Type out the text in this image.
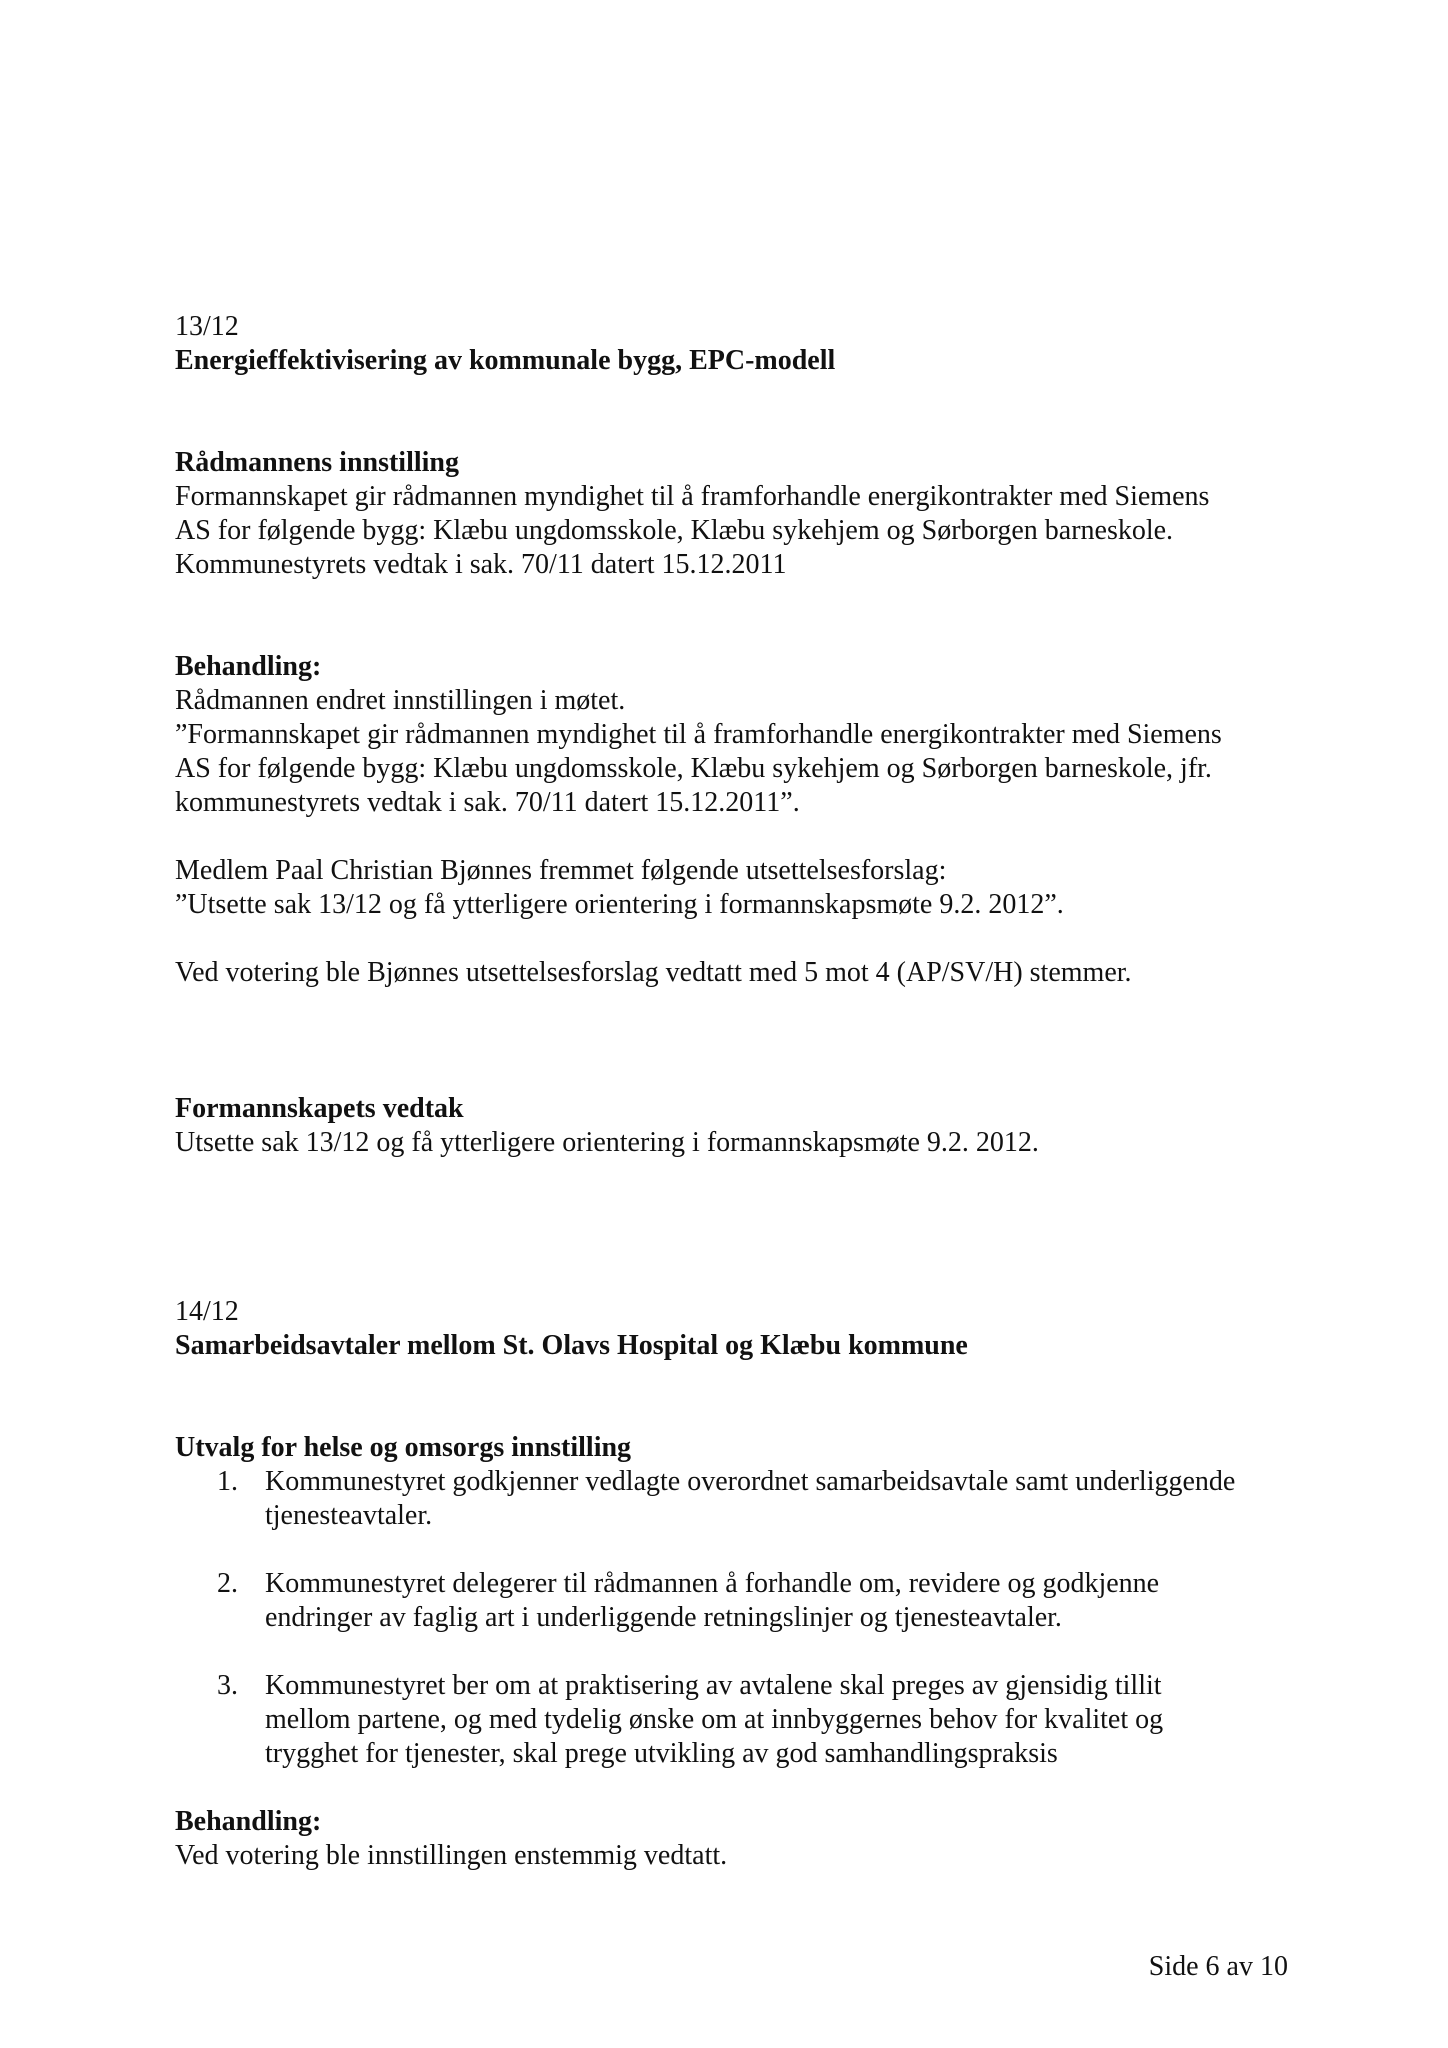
13/12
Energieffektivisering av kommunale bygg, EPC-modell
Rådmannens innstilling
Formannskapet gir rådmannen myndighet til å framforhandle energikontrakter med Siemens
AS for følgende bygg: Klæbu ungdomsskole, Klæbu sykehjem og Sørborgen barneskole.
Kommunestyrets vedtak i sak. 70/11 datert 15.12.2011
Behandling:
Rådmannen endret innstillingen i møtet.
”Formannskapet gir rådmannen myndighet til å framforhandle energikontrakter med Siemens
AS for følgende bygg: Klæbu ungdomsskole, Klæbu sykehjem og Sørborgen barneskole, jfr.
kommunestyrets vedtak i sak. 70/11 datert 15.12.2011”.
Medlem Paal Christian Bjønnes fremmet følgende utsettelsesforslag:
”Utsette sak 13/12 og få ytterligere orientering i formannskapsmøte 9.2. 2012”.
Ved votering ble Bjønnes utsettelsesforslag vedtatt med 5 mot 4 (AP/SV/H) stemmer.
Formannskapets vedtak
Utsette sak 13/12 og få ytterligere orientering i formannskapsmøte 9.2. 2012.
14/12
Samarbeidsavtaler mellom St. Olavs Hospital og Klæbu kommune
Utvalg for helse og omsorgs innstilling
1. Kommunestyret godkjenner vedlagte overordnet samarbeidsavtale samt underliggende
tjenesteavtaler.
2. Kommunestyret delegerer til rådmannen å forhandle om, revidere og godkjenne
endringer av faglig art i underliggende retningslinjer og tjenesteavtaler.
3. Kommunestyret ber om at praktisering av avtalene skal preges av gjensidig tillit
mellom partene, og med tydelig ønske om at innbyggernes behov for kvalitet og
trygghet for tjenester, skal prege utvikling av god samhandlingspraksis
Behandling:
Ved votering ble innstillingen enstemmig vedtatt.
Side 6 av 10
